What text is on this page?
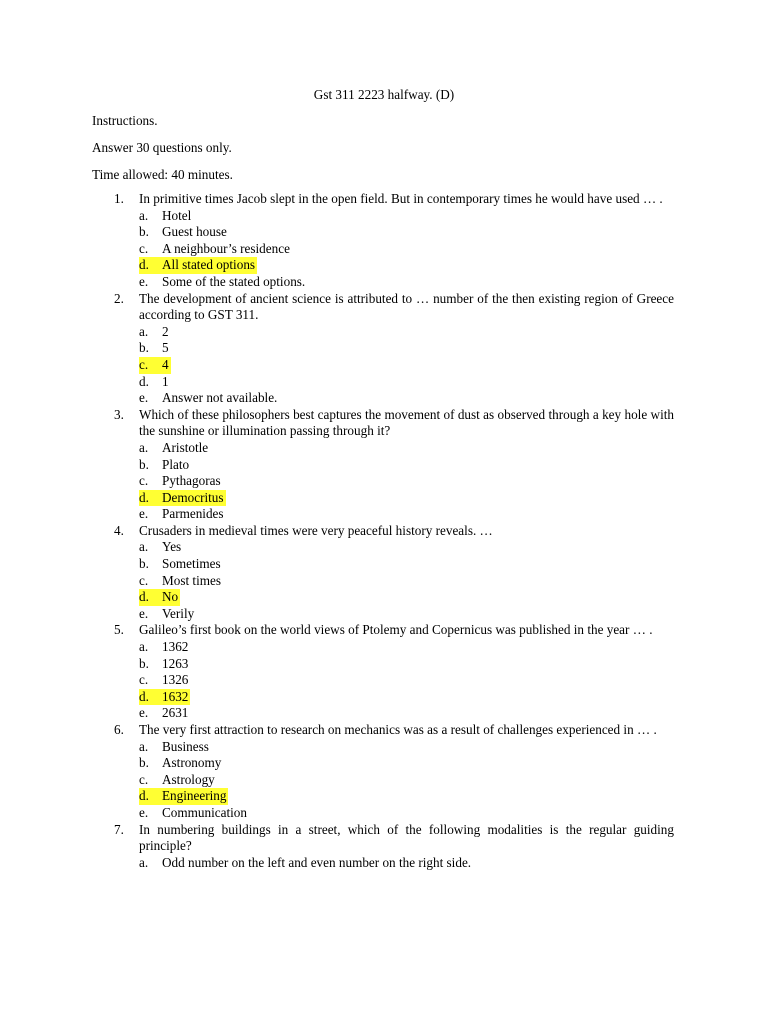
Gst 311 2223 halfway. (D)
Instructions.
Answer 30 questions only.
Time allowed: 40 minutes.
1. In primitive times Jacob slept in the open field. But in contemporary times he would have used … .
a. Hotel
b. Guest house
c. A neighbour’s residence
d. All stated options
e. Some of the stated options.
2. The development of ancient science is attributed to … number of the then existing region of Greece according to GST 311.
a. 2
b. 5
c.	4
d. 1
e. Answer not available.
3. Which of these philosophers best captures the movement of dust as observed through a key hole with the sunshine or illumination passing through it?
a. Aristotle
b. Plato
c. Pythagoras
d. Democritus
e. Parmenides
4. Crusaders in medieval times were very peaceful history reveals. …
a. Yes
b. Sometimes
c. Most times
d. No
e. Verily
5. Galileo’s first book on the world views of Ptolemy and Copernicus was published in the year … .
a. 1362
b. 1263
c. 1326
d. 1632
e. 2631
6. The very first attraction to research on mechanics was as a result of challenges experienced in … .
a. Business
b. Astronomy
c. Astrology
d. Engineering
e. Communication
7. In numbering buildings in a street, which of the following modalities is the regular guiding principle?
a. Odd number on the left and even number on the right side.
